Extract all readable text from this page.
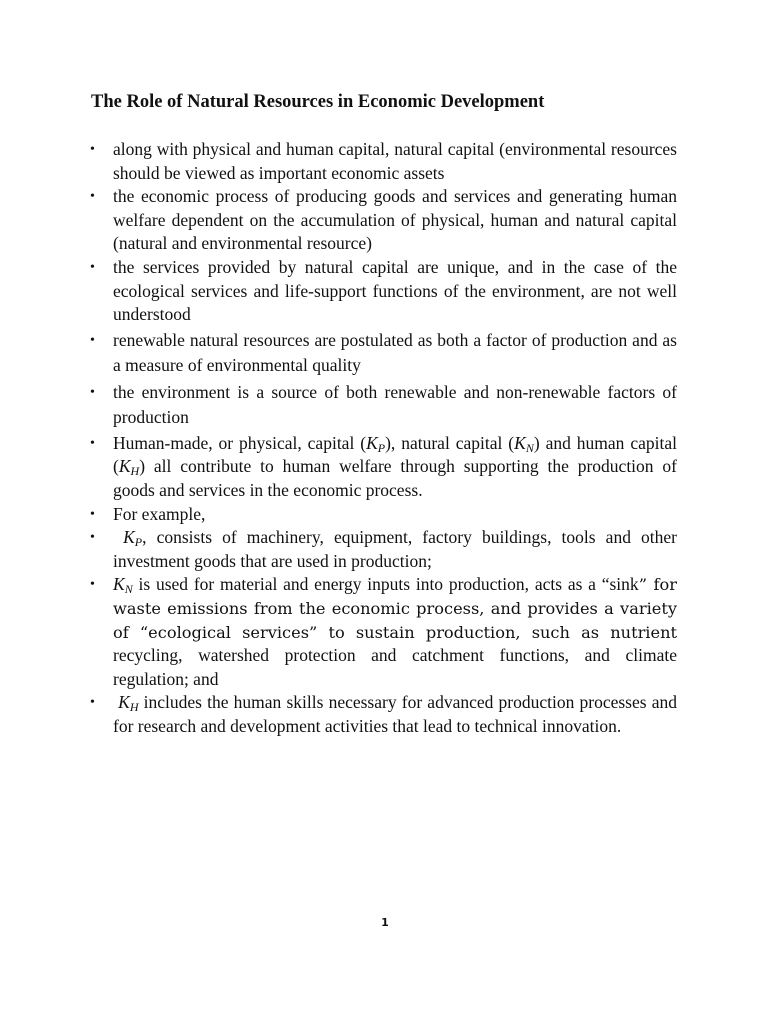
The Role of Natural Resources in Economic Development
• along with physical and human capital, natural capital (environmental resources should be viewed as important economic assets
• the economic process of producing goods and services and generating human welfare dependent on the accumulation of physical, human and natural capital (natural and environmental resource)
• the services provided by natural capital are unique, and in the case of the ecological services and life-support functions of the environment, are not well understood
• renewable natural resources are postulated as both a factor of production and as a measure of environmental quality
• the environment is a source of both renewable and non-renewable factors of production
• Human-made, or physical, capital $(K_P)$, natural capital $(K_N)$ and human capital $(K_H)$ all contribute to human welfare through supporting the production of goods and services in the economic process.
• For example,
• $K_P$, consists of machinery, equipment, factory buildings, tools and other investment goods that are used in production;
• $K_N$ is used for material and energy inputs into production, acts as a “sink” for waste emissions from the economic process, and provides a variety of “ecological services” to sustain production, such as nutrient recycling, watershed protection and catchment functions, and climate regulation; and
• $K_H$ includes the human skills necessary for advanced production processes and for research and development activities that lead to technical innovation.
1
